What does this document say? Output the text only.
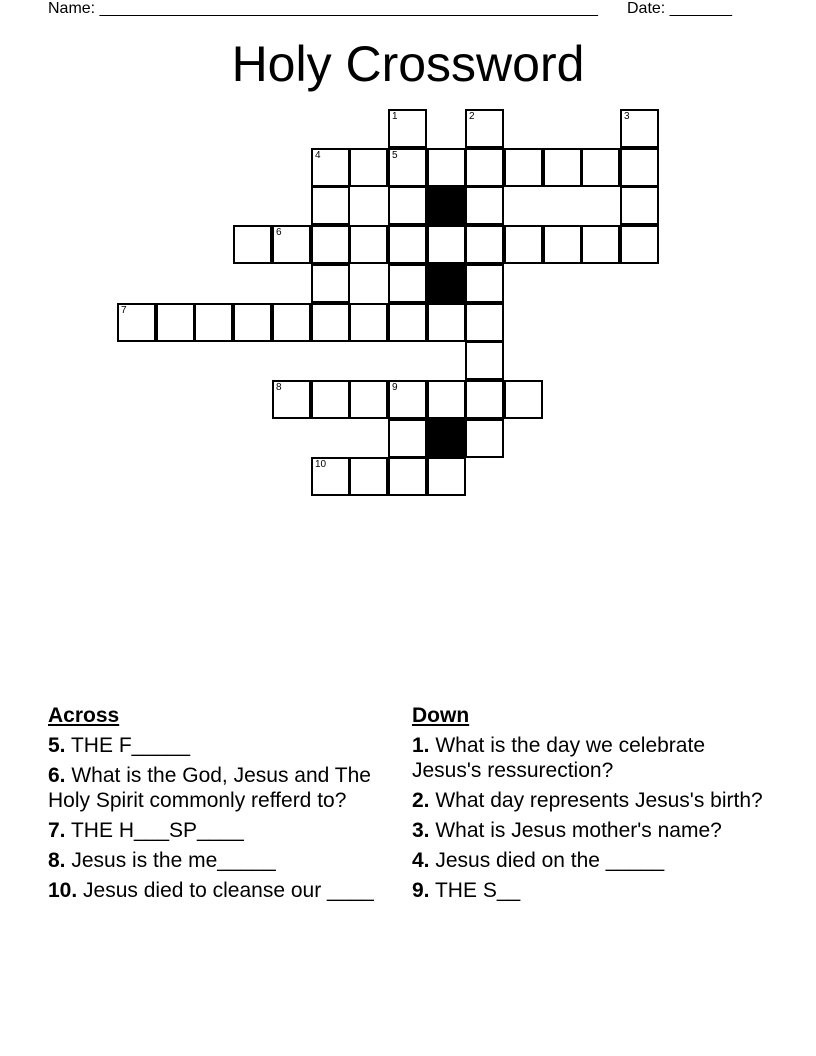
Name: ________________________________________________________ Date: _______
Holy Crossword
1	2	3
4	5
6
7
8	9
10
Across
5. THE F_____
6. What is the God, Jesus and The Holy Spirit commonly refferd to?
7. THE H___SP____
8. Jesus is the me_____
10. Jesus died to cleanse our ____
Down
1. What is the day we celebrate Jesus's ressurection?
2. What day represents Jesus's birth?
3. What is Jesus mother's name?
4. Jesus died on the _____
9. THE S__
